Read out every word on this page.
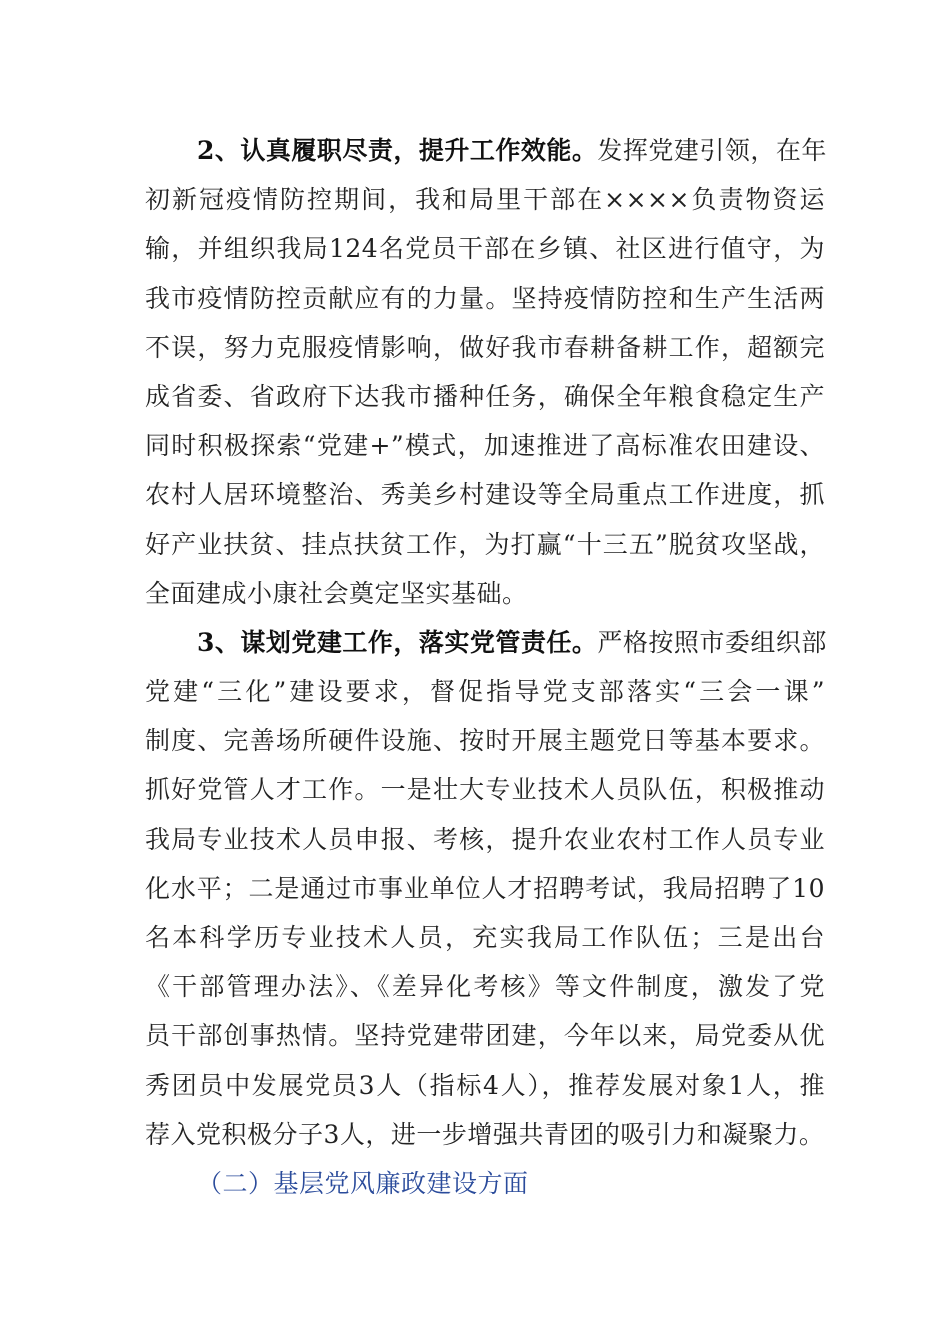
2、认真履职尽责，提升工作效能。发挥党建引领，在年
初新冠疫情防控期间，我和局里干部在××××负责物资运
输，并组织我局124名党员干部在乡镇、社区进行值守，为
我市疫情防控贡献应有的力量。坚持疫情防控和生产生活两
不误，努力克服疫情影响，做好我市春耕备耕工作，超额完
成省委、省政府下达我市播种任务，确保全年粮食稳定生产
同时积极探索“党建+”模式，加速推进了高标准农田建设、
农村人居环境整治、秀美乡村建设等全局重点工作进度，抓
好产业扶贫、挂点扶贫工作，为打赢“十三五”脱贫攻坚战，
全面建成小康社会奠定坚实基础。
3、谋划党建工作，落实党管责任。严格按照市委组织部
党建“三化”建设要求，督促指导党支部落实“三会一课”
制度、完善场所硬件设施、按时开展主题党日等基本要求。
抓好党管人才工作。一是壮大专业技术人员队伍，积极推动
我局专业技术人员申报、考核，提升农业农村工作人员专业
化水平；二是通过市事业单位人才招聘考试，我局招聘了10
名本科学历专业技术人员，充实我局工作队伍；三是出台
《干部管理办法》、《差异化考核》等文件制度，激发了党
员干部创事热情。坚持党建带团建，今年以来，局党委从优
秀团员中发展党员3人（指标4人），推荐发展对象1人，推
荐入党积极分子3人，进一步增强共青团的吸引力和凝聚力。
（二）基层党风廉政建设方面
